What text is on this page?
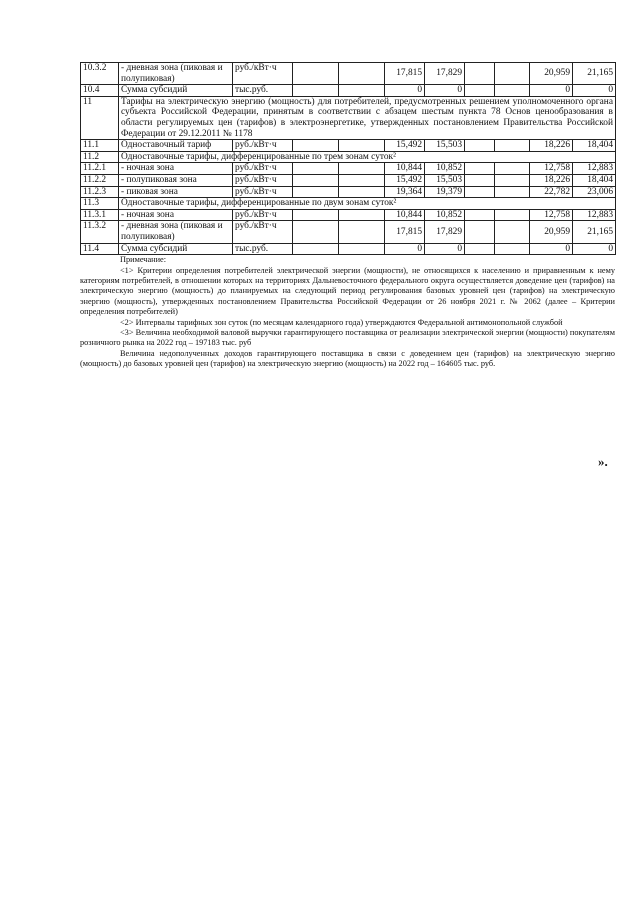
10.3.2	- дневная зона (пиковая и полупиковая)	руб./кВт·ч			17,815	17,829			20,959	21,165
10.4	Сумма субсидий	тыс.руб.			0	0			0	0
11	Тарифы на электрическую энергию (мощность) для потребителей, предусмотренных решением уполномоченного органа субъекта Российской Федерации, принятым в соответствии с абзацем шестым пункта 78 Основ ценообразования в области регулируемых цен (тарифов) в электроэнергетике, утвержденных постановлением Правительства Российской Федерации от 29.12.2011 № 1178									
11.1	Одноставочный тариф	руб./кВт·ч			15,492	15,503			18,226	18,404
11.2	Одноставочные тарифы, дифференцированные по трем зонам суток²									
11.2.1	- ночная зона	руб./кВт·ч			10,844	10,852			12,758	12,883
11.2.2	- полупиковая зона	руб./кВт·ч			15,492	15,503			18,226	18,404
11.2.3	- пиковая зона	руб./кВт·ч			19,364	19,379			22,782	23,006
11.3	Одноставочные тарифы, дифференцированные по двум зонам суток²									
11.3.1	- ночная зона	руб./кВт·ч			10,844	10,852			12,758	12,883
11.3.2	- дневная зона (пиковая и полупиковая)	руб./кВт·ч			17,815	17,829			20,959	21,165
11.4	Сумма субсидий	тыс.руб.			0	0			0	0

Примечание:

<1> Критерии определения потребителей электрической энергии (мощности), не относящихся к населению и приравненным к нему категориям потребителей, в отношении которых на территориях Дальневосточного федерального округа осуществляется доведение цен (тарифов) на электрическую энергию (мощность) до планируемых на следующий период регулирования базовых уровней цен (тарифов) на электрическую энергию (мощность), утвержденных постановлением Правительства Российской Федерации от 26 ноября 2021 г. № 2062 (далее – Критерии определения потребителей)

<2> Интервалы тарифных зон суток (по месяцам календарного года) утверждаются Федеральной антимонопольной службой

<3> Величина необходимой валовой выручки гарантирующего поставщика от реализации электрической энергии (мощности) покупателям розничного рынка на 2022 год – 197183 тыс. руб

Величина недополученных доходов гарантирующего поставщика в связи с доведением цен (тарифов) на электрическую энергию (мощность) до базовых уровней цен (тарифов) на электрическую энергию (мощность) на 2022 год – 164605 тыс. руб.

».
